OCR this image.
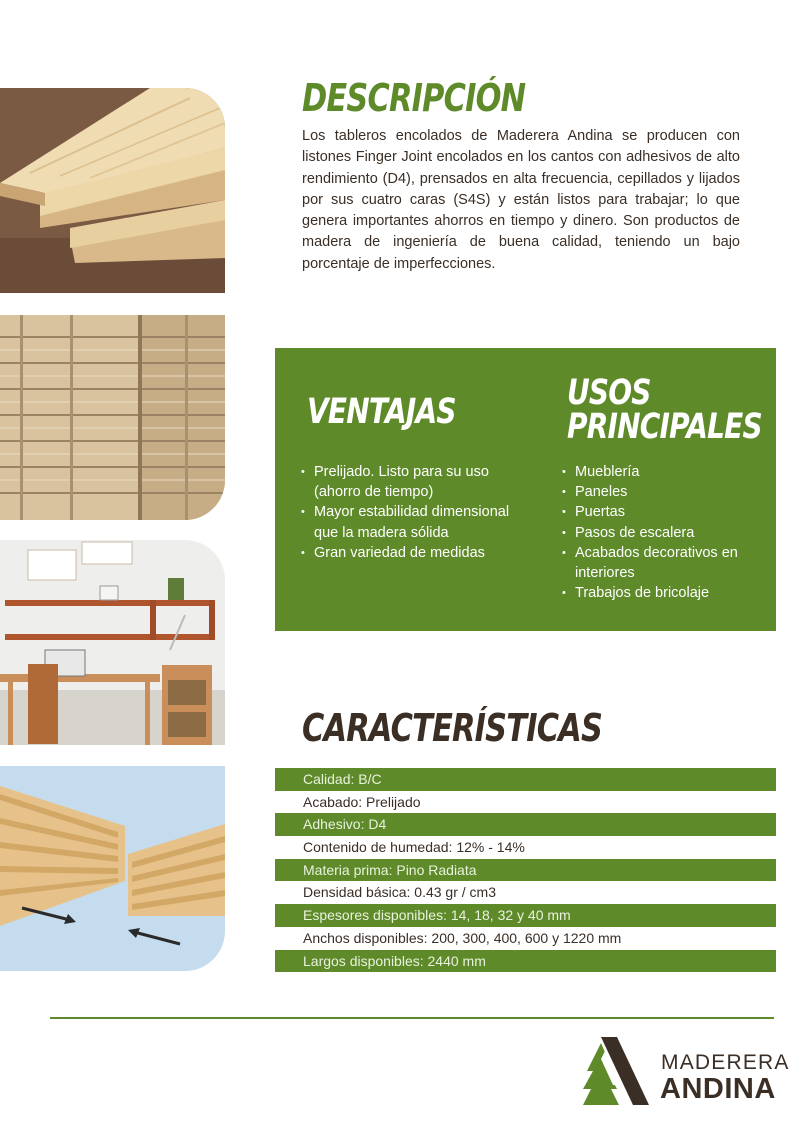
DESCRIPCIÓN

Los tableros encolados de Maderera Andina se producen con listones Finger Joint encolados en los cantos con adhesivos de alto rendimiento (D4), prensados en alta frecuencia, cepillados y lijados por sus cuatro caras (S4S) y están listos para trabajar; lo que genera importantes ahorros en tiempo y dinero. Son productos de madera de ingeniería de buena calidad, teniendo un bajo porcentaje de imperfecciones.

VENTAJAS	USOS
PRINCIPALES
• Prelijado. Listo para su uso (ahorro de tiempo)
• Mayor estabilidad dimensional que la madera sólida
• Gran variedad de medidas
• Mueblería
• Paneles
• Puertas
• Pasos de escalera
• Acabados decorativos en interiores
• Trabajos de bricolaje
CARACTERÍSTICAS
Calidad: B/C
Acabado: Prelijado
Adhesivo: D4
Contenido de humedad: 12% - 14%
Materia prima: Pino Radiata
Densidad básica: 0.43 gr / cm3
Espesores disponibles: 14, 18, 32 y 40 mm
Anchos disponibles: 200, 300, 400, 600 y 1220 mm
Largos disponibles: 2440 mm
MADERERA
ANDINA
